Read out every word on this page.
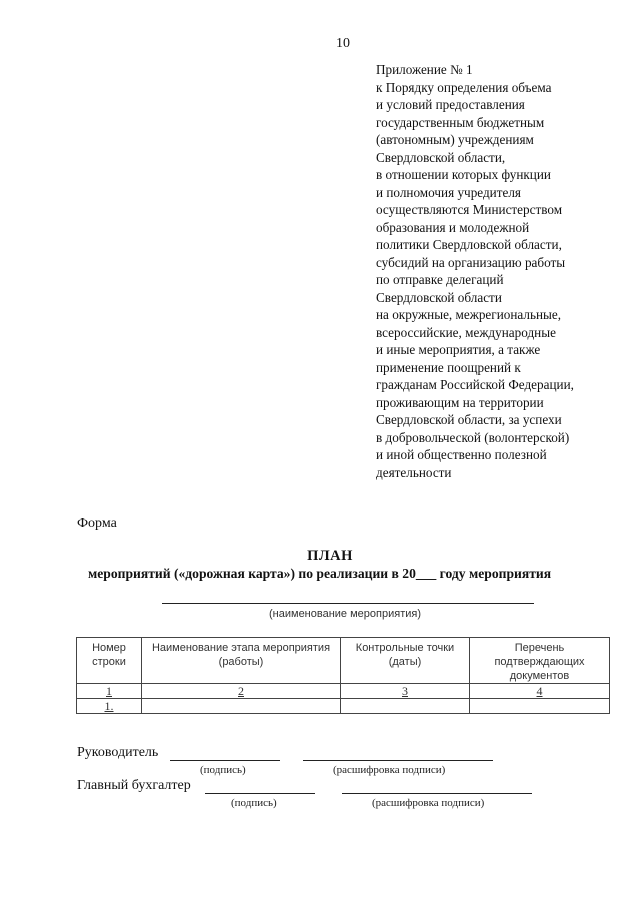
10
Приложение № 1
к Порядку определения объема
и условий предоставления
государственным бюджетным
(автономным) учреждениям
Свердловской области,
в отношении которых функции
и полномочия учредителя
осуществляются Министерством
образования и молодежной
политики Свердловской области,
субсидий на организацию работы
по отправке делегаций
Свердловской области
на окружные, межрегиональные,
всероссийские, международные
и иные мероприятия, а также
применение поощрений к
гражданам Российской Федерации,
проживающим на территории
Свердловской области, за успехи
в добровольческой (волонтерской)
и иной общественно полезной
деятельности
Форма
ПЛАН
мероприятий («дорожная карта») по реализации в 20___ году мероприятия
(наименование мероприятия)
Номер строки	Наименование этапа мероприятия (работы)	Контрольные точки (даты)	Перечень подтверждающих документов
1	2	3	4
1.			
Руководитель
(подпись)	(расшифровка подписи)
Главный бухгалтер
(подпись)	(расшифровка подписи)
